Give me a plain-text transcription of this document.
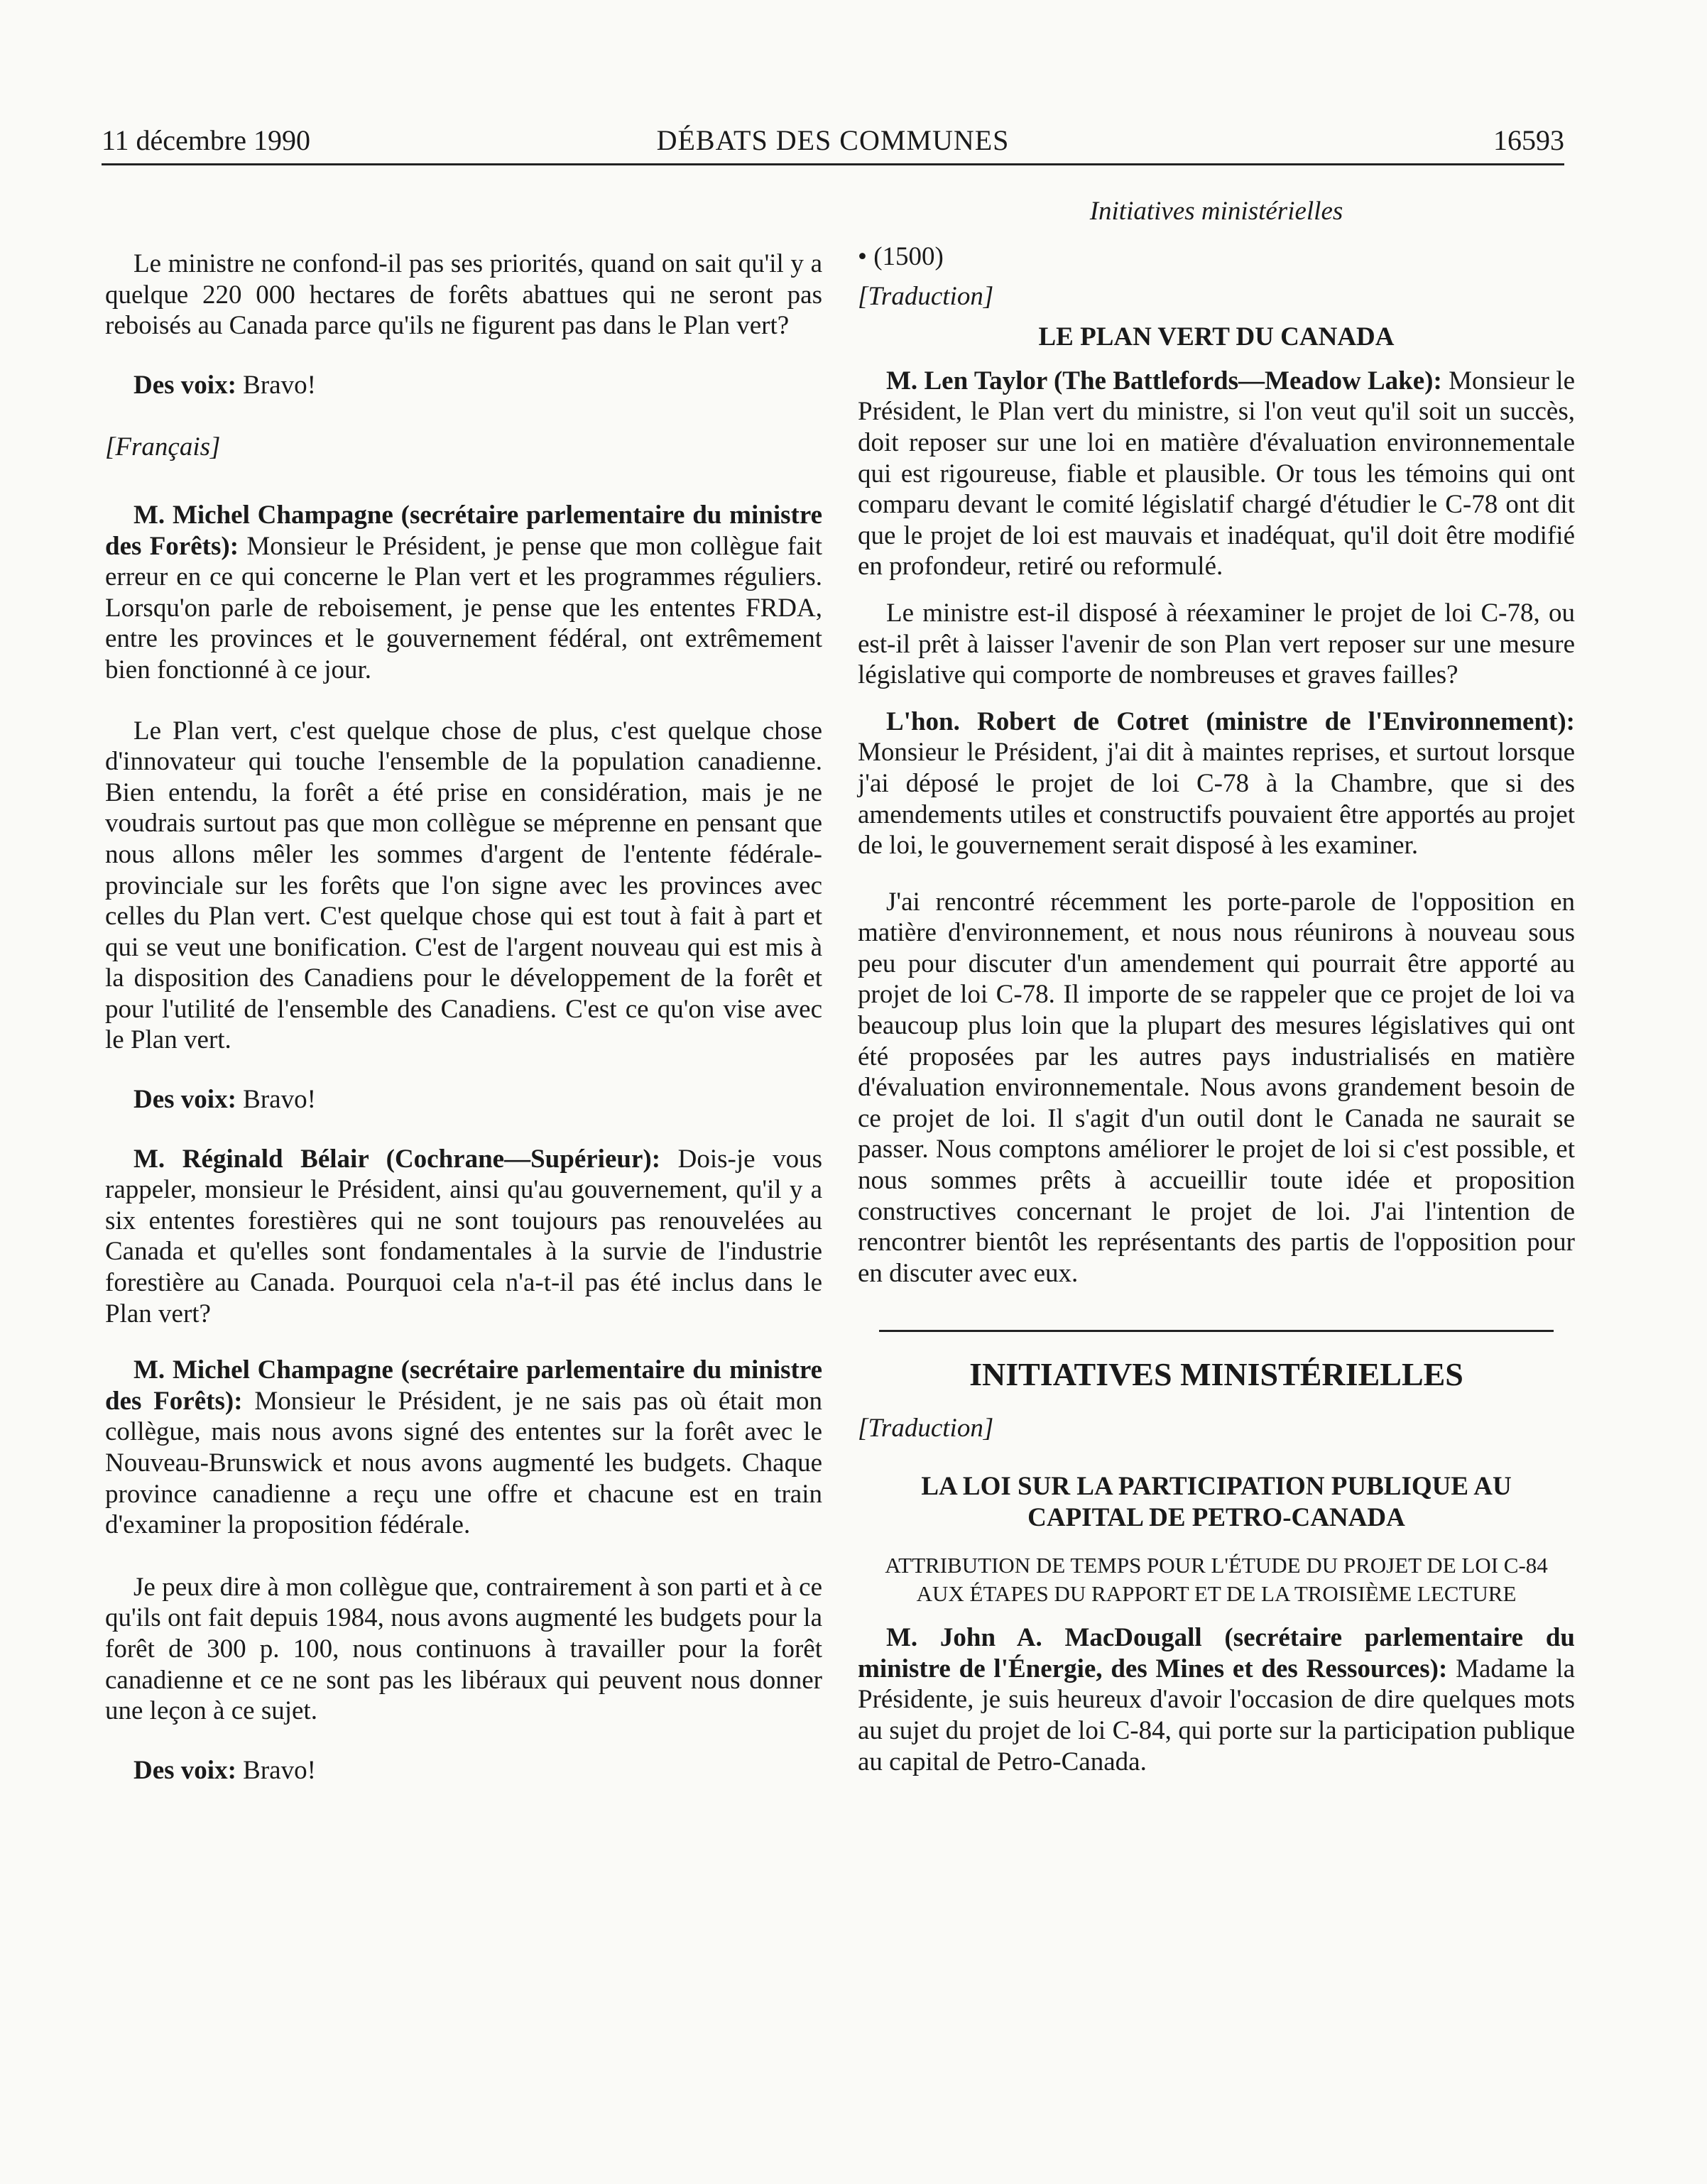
11 décembre 1990	DÉBATS DES COMMUNES	16593

Le ministre ne confond-il pas ses priorités, quand on sait qu'il y a quelque 220 000 hectares de forêts abattues qui ne seront pas reboisés au Canada parce qu'ils ne figurent pas dans le Plan vert?

Des voix: Bravo!

[Français]

M. Michel Champagne (secrétaire parlementaire du ministre des Forêts): Monsieur le Président, je pense que mon collègue fait erreur en ce qui concerne le Plan vert et les programmes réguliers. Lorsqu'on parle de reboisement, je pense que les ententes FRDA, entre les provinces et le gouvernement fédéral, ont extrêmement bien fonctionné à ce jour.

Le Plan vert, c'est quelque chose de plus, c'est quelque chose d'innovateur qui touche l'ensemble de la population canadienne. Bien entendu, la forêt a été prise en considération, mais je ne voudrais surtout pas que mon collègue se méprenne en pensant que nous allons mêler les sommes d'argent de l'entente fédérale-provinciale sur les forêts que l'on signe avec les provinces avec celles du Plan vert. C'est quelque chose qui est tout à fait à part et qui se veut une bonification. C'est de l'argent nouveau qui est mis à la disposition des Canadiens pour le développement de la forêt et pour l'utilité de l'ensemble des Canadiens. C'est ce qu'on vise avec le Plan vert.

Des voix: Bravo!

M. Réginald Bélair (Cochrane—Supérieur): Dois-je vous rappeler, monsieur le Président, ainsi qu'au gouvernement, qu'il y a six ententes forestières qui ne sont toujours pas renouvelées au Canada et qu'elles sont fondamentales à la survie de l'industrie forestière au Canada. Pourquoi cela n'a-t-il pas été inclus dans le Plan vert?

M. Michel Champagne (secrétaire parlementaire du ministre des Forêts): Monsieur le Président, je ne sais pas où était mon collègue, mais nous avons signé des ententes sur la forêt avec le Nouveau-Brunswick et nous avons augmenté les budgets. Chaque province canadienne a reçu une offre et chacune est en train d'examiner la proposition fédérale.

Je peux dire à mon collègue que, contrairement à son parti et à ce qu'ils ont fait depuis 1984, nous avons augmenté les budgets pour la forêt de 300 p. 100, nous continuons à travailler pour la forêt canadienne et ce ne sont pas les libéraux qui peuvent nous donner une leçon à ce sujet.

Des voix: Bravo!

Initiatives ministérielles

• (1500)

[Traduction]

LE PLAN VERT DU CANADA

M. Len Taylor (The Battlefords—Meadow Lake): Monsieur le Président, le Plan vert du ministre, si l'on veut qu'il soit un succès, doit reposer sur une loi en matière d'évaluation environnementale qui est rigoureuse, fiable et plausible. Or tous les témoins qui ont comparu devant le comité législatif chargé d'étudier le C-78 ont dit que le projet de loi est mauvais et inadéquat, qu'il doit être modifié en profondeur, retiré ou reformulé.

Le ministre est-il disposé à réexaminer le projet de loi C-78, ou est-il prêt à laisser l'avenir de son Plan vert reposer sur une mesure législative qui comporte de nombreuses et graves failles?

L'hon. Robert de Cotret (ministre de l'Environnement): Monsieur le Président, j'ai dit à maintes reprises, et surtout lorsque j'ai déposé le projet de loi C-78 à la Chambre, que si des amendements utiles et constructifs pouvaient être apportés au projet de loi, le gouvernement serait disposé à les examiner.

J'ai rencontré récemment les porte-parole de l'opposition en matière d'environnement, et nous nous réunirons à nouveau sous peu pour discuter d'un amendement qui pourrait être apporté au projet de loi C-78. Il importe de se rappeler que ce projet de loi va beaucoup plus loin que la plupart des mesures législatives qui ont été proposées par les autres pays industrialisés en matière d'évaluation environnementale. Nous avons grandement besoin de ce projet de loi. Il s'agit d'un outil dont le Canada ne saurait se passer. Nous comptons améliorer le projet de loi si c'est possible, et nous sommes prêts à accueillir toute idée et proposition constructives concernant le projet de loi. J'ai l'intention de rencontrer bientôt les représentants des partis de l'opposition pour en discuter avec eux.

INITIATIVES MINISTÉRIELLES

[Traduction]

LA LOI SUR LA PARTICIPATION PUBLIQUE AU CAPITAL DE PETRO-CANADA

ATTRIBUTION DE TEMPS POUR L'ÉTUDE DU PROJET DE LOI C-84 AUX ÉTAPES DU RAPPORT ET DE LA TROISIÈME LECTURE

M. John A. MacDougall (secrétaire parlementaire du ministre de l'Énergie, des Mines et des Ressources): Madame la Présidente, je suis heureux d'avoir l'occasion de dire quelques mots au sujet du projet de loi C-84, qui porte sur la participation publique au capital de Petro-Canada.
